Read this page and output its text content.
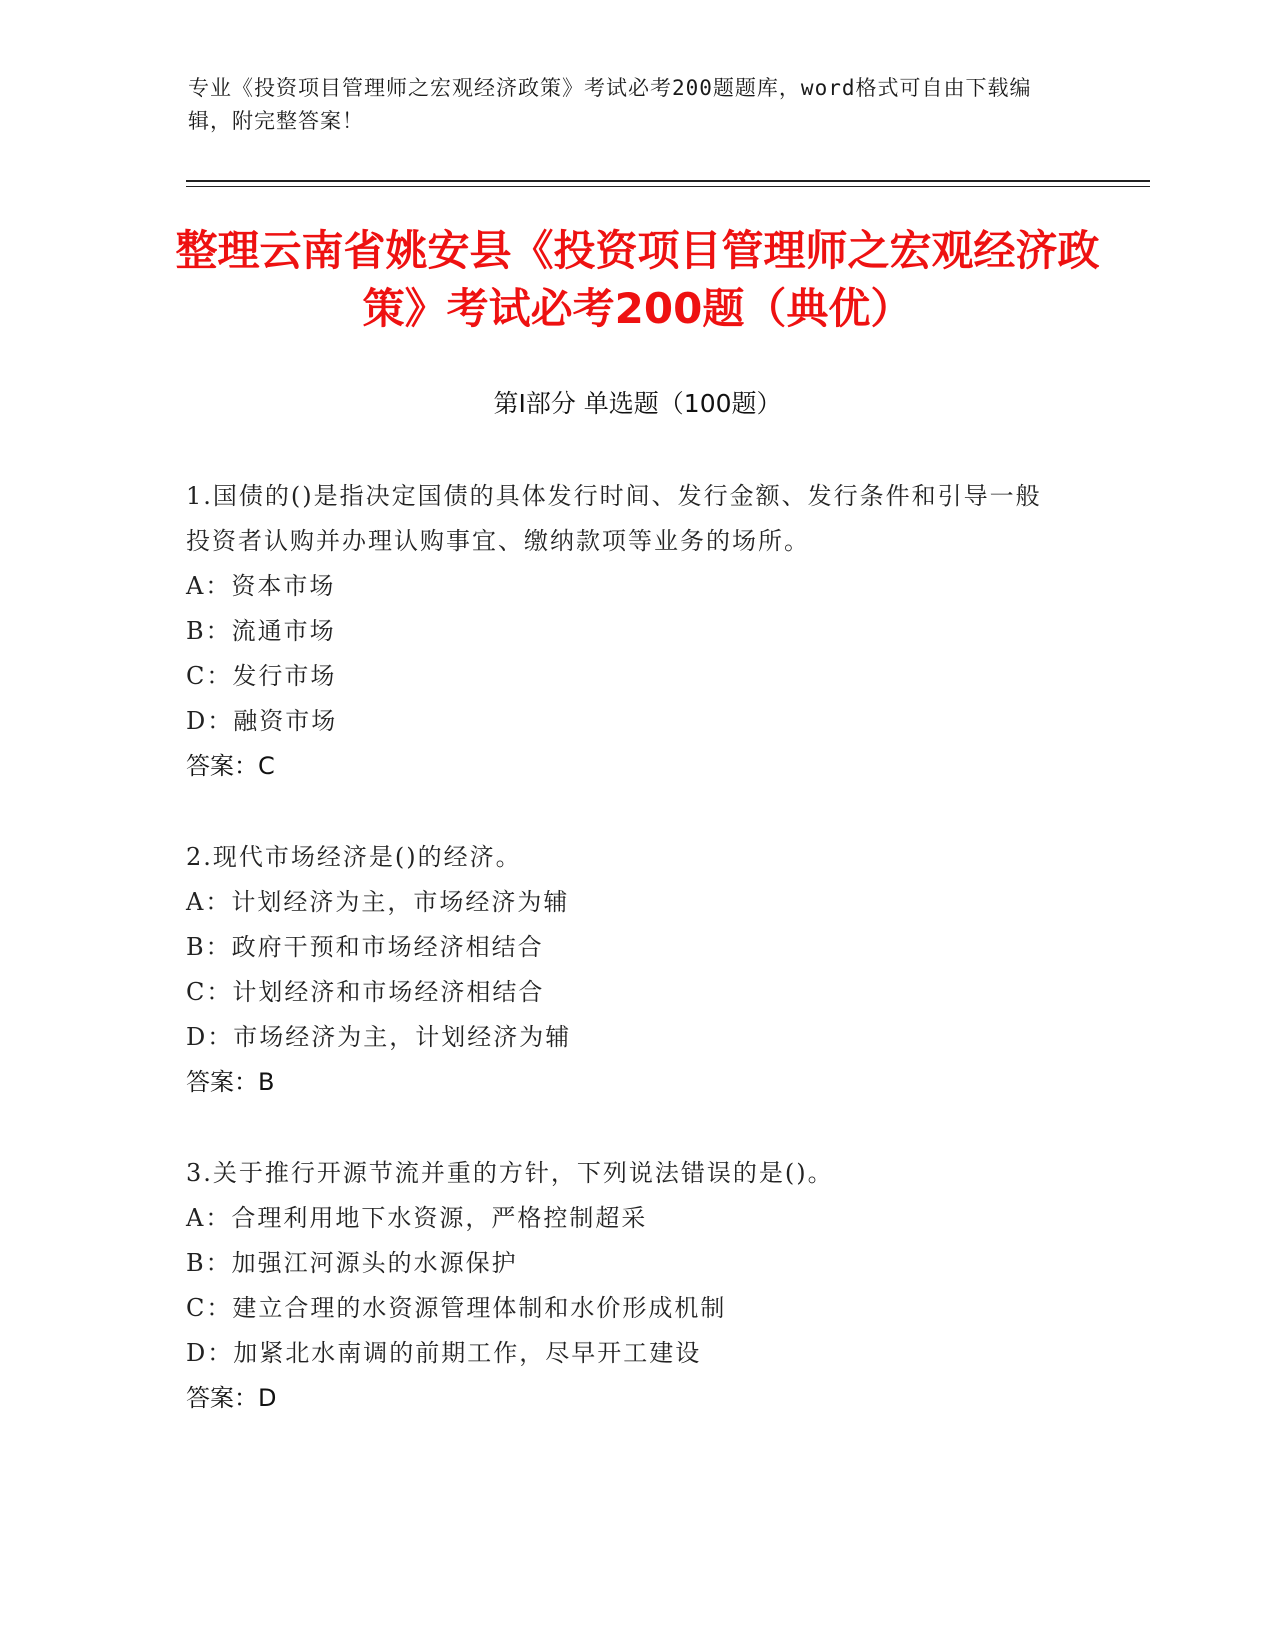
专业《投资项目管理师之宏观经济政策》考试必考200题题库，word格式可自由下载编辑，附完整答案！
整理云南省姚安县《投资项目管理师之宏观经济政策》考试必考200题（典优）
第Ⅰ部分 单选题（100题）
1.国债的()是指决定国债的具体发行时间、发行金额、发行条件和引导一般投资者认购并办理认购事宜、缴纳款项等业务的场所。
A：资本市场
B：流通市场
C：发行市场
D：融资市场
答案：C
2.现代市场经济是()的经济。
A：计划经济为主，市场经济为辅
B：政府干预和市场经济相结合
C：计划经济和市场经济相结合
D：市场经济为主，计划经济为辅
答案：B
3.关于推行开源节流并重的方针，下列说法错误的是()。
A：合理利用地下水资源，严格控制超采
B：加强江河源头的水源保护
C：建立合理的水资源管理体制和水价形成机制
D：加紧北水南调的前期工作，尽早开工建设
答案：D
